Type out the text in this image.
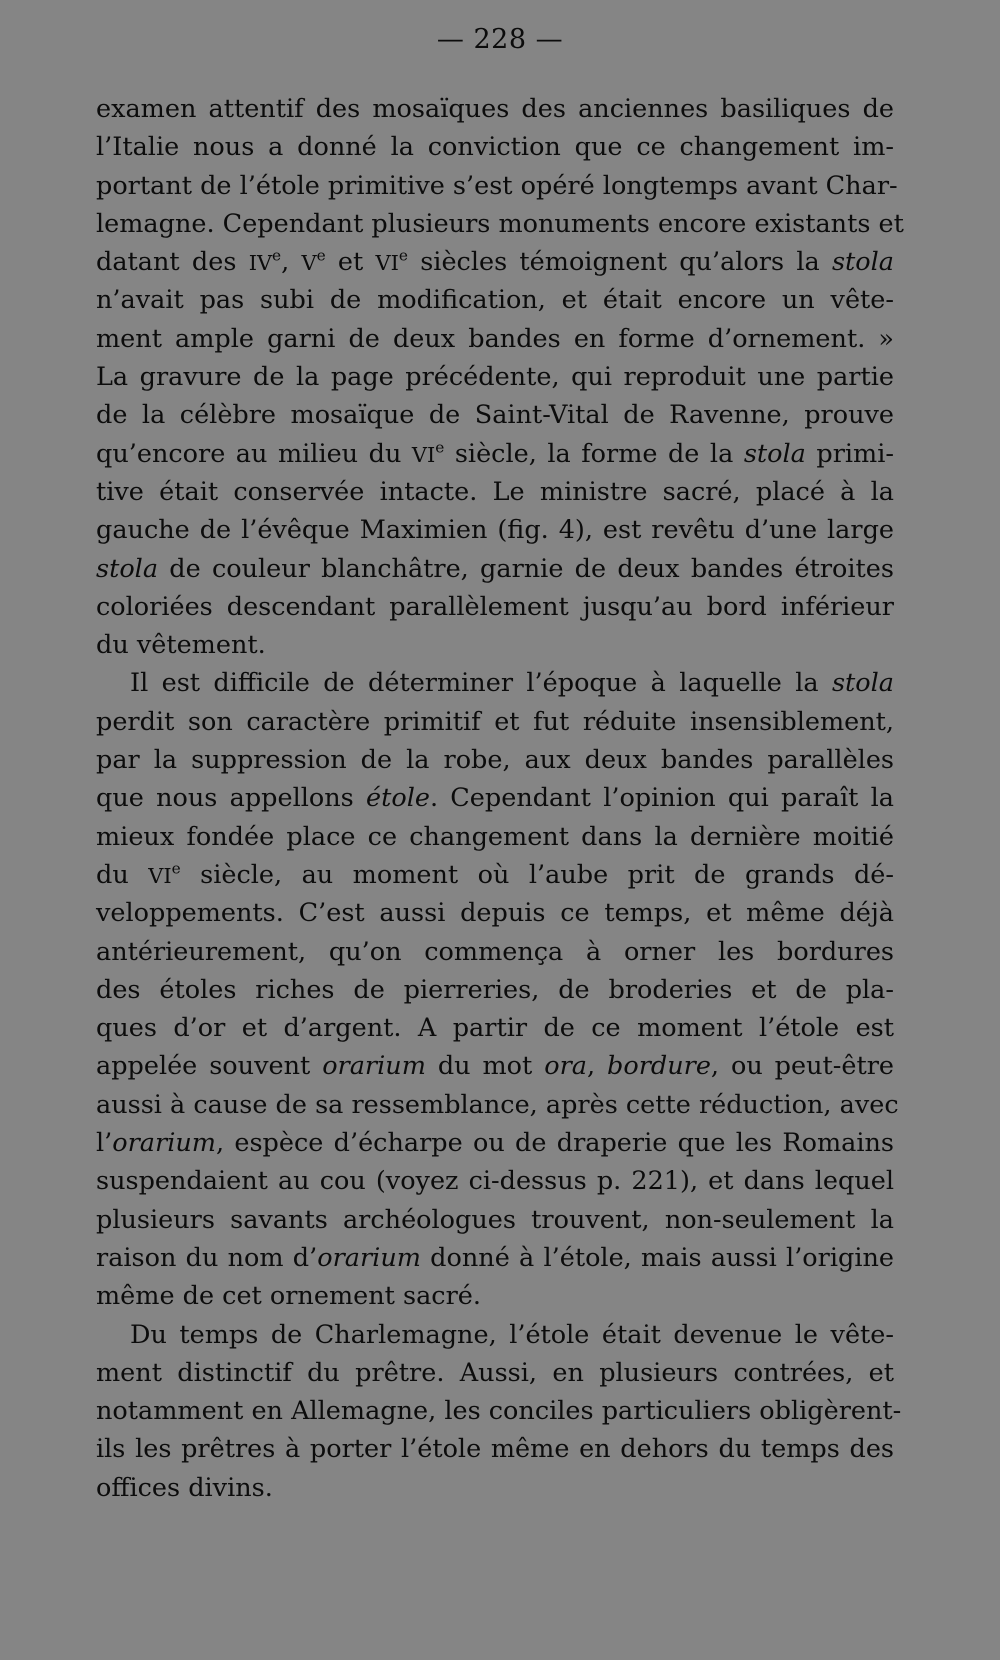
— 228 —
examen attentif des mosaïques des anciennes basiliques de
l’Italie nous a donné la conviction que ce changement im-
portant de l’étole primitive s’est opéré longtemps avant Char-
lemagne. Cependant plusieurs monuments encore existants et
datant des IVe, Ve et VIe siècles témoignent qu’alors la stola
n’avait pas subi de modification, et était encore un vête-
ment ample garni de deux bandes en forme d’ornement. »
La gravure de la page précédente, qui reproduit une partie
de la célèbre mosaïque de Saint-Vital de Ravenne, prouve
qu’encore au milieu du VIe siècle, la forme de la stola primi-
tive était conservée intacte. Le ministre sacré, placé à la
gauche de l’évêque Maximien (fig. 4), est revêtu d’une large
stola de couleur blanchâtre, garnie de deux bandes étroites
coloriées descendant parallèlement jusqu’au bord inférieur
du vêtement.
Il est difficile de déterminer l’époque à laquelle la stola
perdit son caractère primitif et fut réduite insensiblement,
par la suppression de la robe, aux deux bandes parallèles
que nous appellons étole. Cependant l’opinion qui paraît la
mieux fondée place ce changement dans la dernière moitié
du VIe siècle, au moment où l’aube prit de grands dé-
veloppements. C’est aussi depuis ce temps, et même déjà
antérieurement, qu’on commença à orner les bordures
des étoles riches de pierreries, de broderies et de pla-
ques d’or et d’argent. A partir de ce moment l’étole est
appelée souvent orarium du mot ora, bordure, ou peut-être
aussi à cause de sa ressemblance, après cette réduction, avec
l’orarium, espèce d’écharpe ou de draperie que les Romains
suspendaient au cou (voyez ci-dessus p. 221), et dans lequel
plusieurs savants archéologues trouvent, non-seulement la
raison du nom d’orarium donné à l’étole, mais aussi l’origine
même de cet ornement sacré.
Du temps de Charlemagne, l’étole était devenue le vête-
ment distinctif du prêtre. Aussi, en plusieurs contrées, et
notamment en Allemagne, les conciles particuliers obligèrent-
ils les prêtres à porter l’étole même en dehors du temps des
offices divins.
